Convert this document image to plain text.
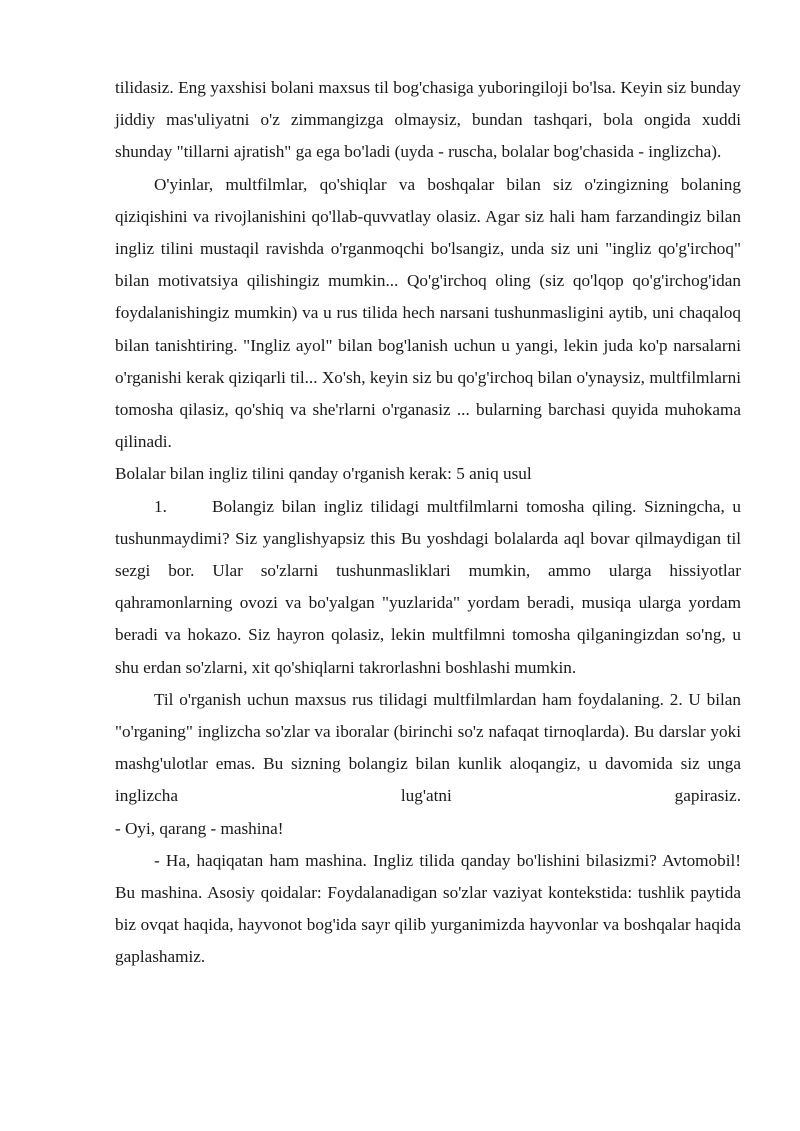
tilidasiz. Eng yaxshisi bolani maxsus til bog'chasiga yuboringiloji bo'lsa. Keyin siz bunday jiddiy mas'uliyatni o'z zimmangizga olmaysiz, bundan tashqari, bola ongida xuddi shunday "tillarni ajratish" ga ega bo'ladi (uyda - ruscha, bolalar bog'chasida - inglizcha).

O'yinlar, multfilmlar, qo'shiqlar va boshqalar bilan siz o'zingizning bolaning qiziqishini va rivojlanishini qo'llab-quvvatlay olasiz. Agar siz hali ham farzandingiz bilan ingliz tilini mustaqil ravishda o'rganmoqchi bo'lsangiz, unda siz uni "ingliz qo'g'irchoq" bilan motivatsiya qilishingiz mumkin... Qo'g'irchoq oling (siz qo'lqop qo'g'irchog'idan foydalanishingiz mumkin) va u rus tilida hech narsani tushunmasligini aytib, uni chaqaloq bilan tanishtiring. "Ingliz ayol" bilan bog'lanish uchun u yangi, lekin juda ko'p narsalarni o'rganishi kerak qiziqarli til... Xo'sh, keyin siz bu qo'g'irchoq bilan o'ynaysiz, multfilmlarni tomosha qilasiz, qo'shiq va she'rlarni o'rganasiz ... bularning barchasi quyida muhokama qilinadi.
Bolalar bilan ingliz tilini qanday o'rganish kerak: 5 aniq usul

1.	Bolangiz bilan ingliz tilidagi multfilmlarni tomosha qiling. Sizningcha, u tushunmaydimi? Siz yanglishyapsiz this Bu yoshdagi bolalarda aql bovar qilmaydigan til sezgi bor. Ular so'zlarni tushunmasliklari mumkin, ammo ularga hissiyotlar qahramonlarning ovozi va bo'yalgan "yuzlarida" yordam beradi, musiqa ularga yordam beradi va hokazo. Siz hayron qolasiz, lekin multfilmni tomosha qilganingizdan so'ng, u shu erdan so'zlarni, xit qo'shiqlarni takrorlashni boshlashi mumkin.

Til o'rganish uchun maxsus rus tilidagi multfilmlardan ham foydalaning. 2. U bilan "o'rganing" inglizcha so'zlar va iboralar (birinchi so'z nafaqat tirnoqlarda). Bu darslar yoki mashg'ulotlar emas. Bu sizning bolangiz bilan kunlik aloqangiz, u davomida siz unga inglizcha lug'atni gapirasiz.
- Oyi, qarang - mashina!

- Ha, haqiqatan ham mashina. Ingliz tilida qanday bo'lishini bilasizmi? Avtomobil! Bu mashina. Asosiy qoidalar: Foydalanadigan so'zlar vaziyat kontekstida: tushlik paytida biz ovqat haqida, hayvonot bog'ida sayr qilib yurganimizda hayvonlar va boshqalar haqida gaplashamiz.
